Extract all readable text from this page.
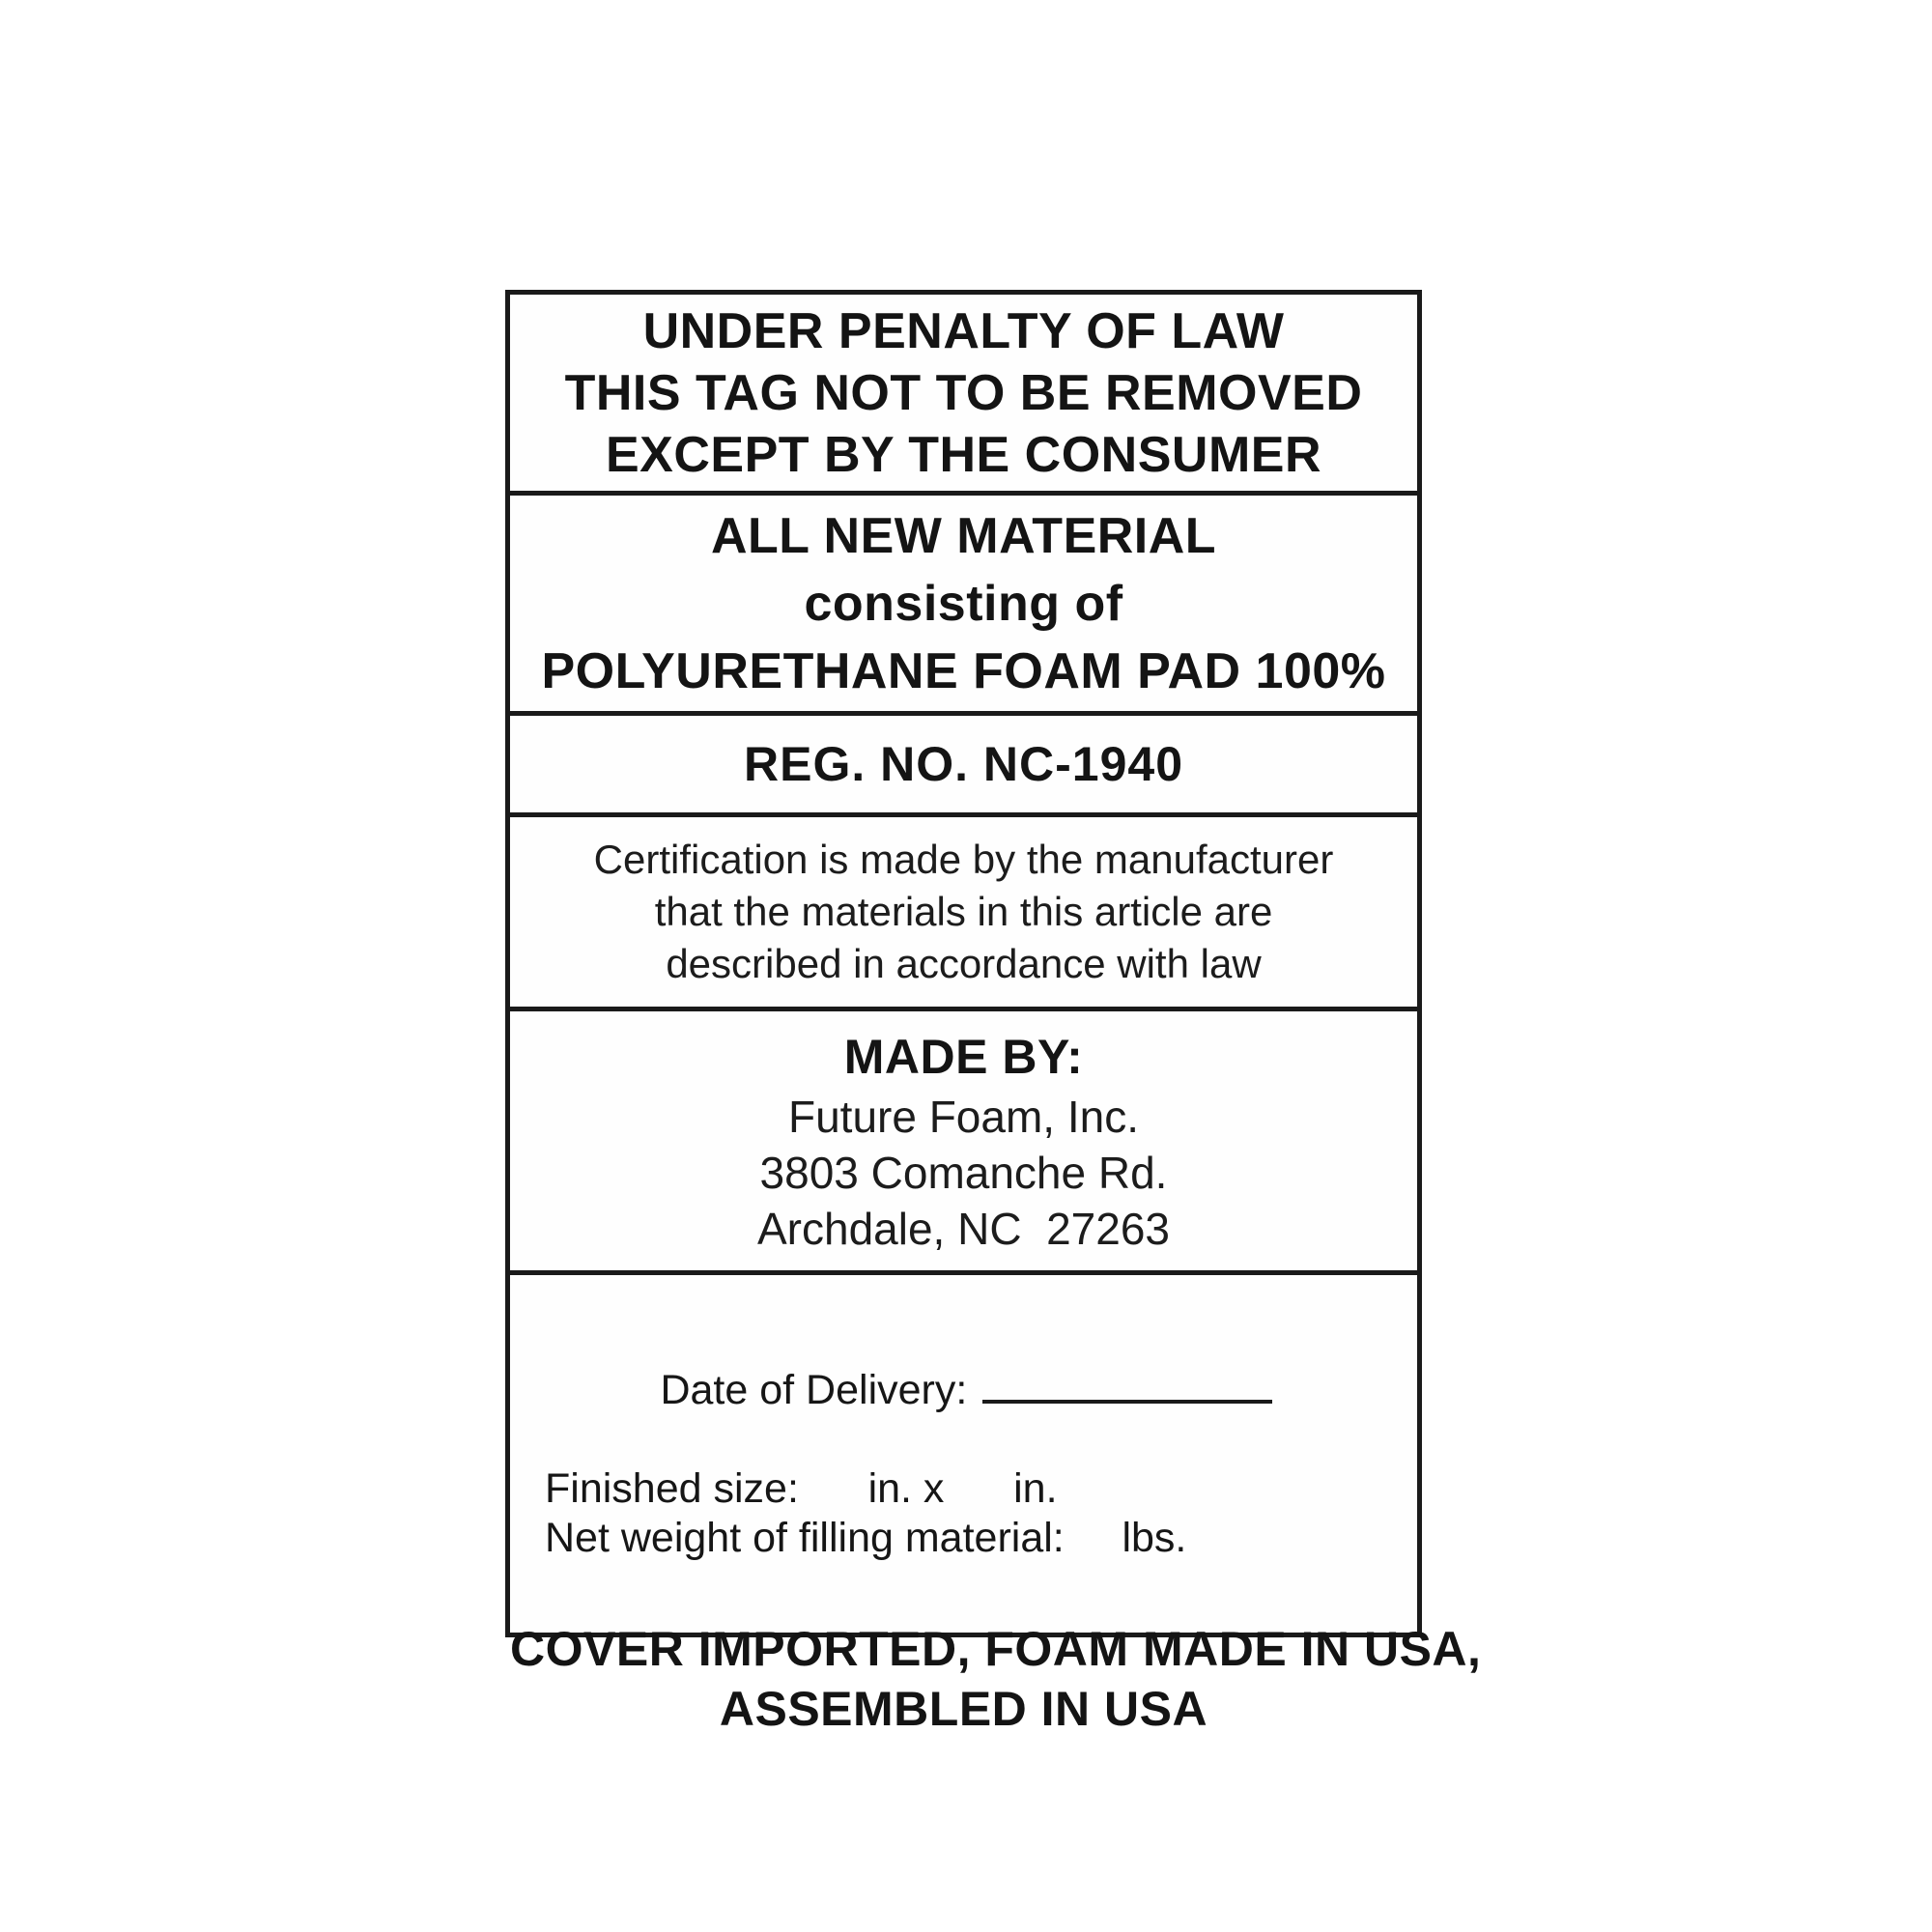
UNDER PENALTY OF LAW
THIS TAG NOT TO BE REMOVED
EXCEPT BY THE CONSUMER
ALL NEW MATERIAL
consisting of
POLYURETHANE FOAM PAD 100%
REG. NO. NC-1940
Certification is made by the manufacturer
that the materials in this article are
described in accordance with law
MADE BY:
Future Foam, Inc.
3803 Comanche Rd.
Archdale, NC  27263

Date of Delivery:

Finished size:      in. x      in.
Net weight of filling material:     lbs.
COVER IMPORTED, FOAM MADE IN USA,
ASSEMBLED IN USA
